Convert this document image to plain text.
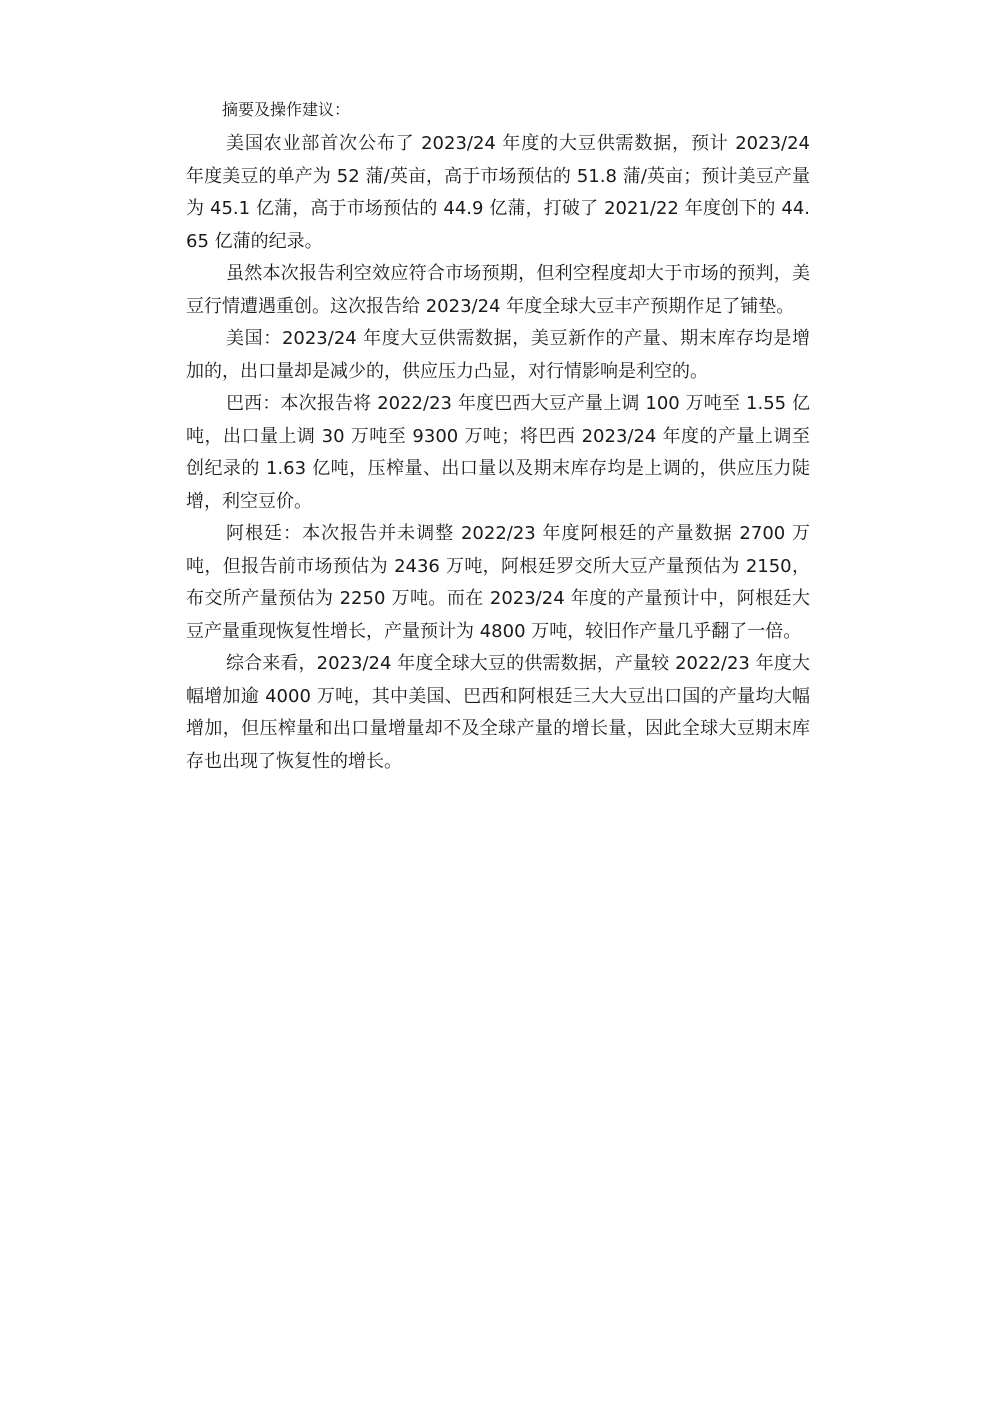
摘要及操作建议：

美国农业部首次公布了 2023/24 年度的大豆供需数据，预计 2023/24 年度美豆的单产为 52 蒲/英亩，高于市场预估的 51.8 蒲/英亩；预计美豆产量为 45.1 亿蒲，高于市场预估的 44.9 亿蒲，打破了 2021/22 年度创下的 44.65 亿蒲的纪录。

虽然本次报告利空效应符合市场预期，但利空程度却大于市场的预判，美豆行情遭遇重创。这次报告给 2023/24 年度全球大豆丰产预期作足了铺垫。

美国：2023/24 年度大豆供需数据，美豆新作的产量、期末库存均是增加的，出口量却是减少的，供应压力凸显，对行情影响是利空的。

巴西：本次报告将 2022/23 年度巴西大豆产量上调 100 万吨至 1.55 亿吨，出口量上调 30 万吨至 9300 万吨；将巴西 2023/24 年度的产量上调至创纪录的 1.63 亿吨，压榨量、出口量以及期末库存均是上调的，供应压力陡增，利空豆价。

阿根廷：本次报告并未调整 2022/23 年度阿根廷的产量数据 2700 万吨，但报告前市场预估为 2436 万吨，阿根廷罗交所大豆产量预估为 2150，布交所产量预估为 2250 万吨。而在 2023/24 年度的产量预计中，阿根廷大豆产量重现恢复性增长，产量预计为 4800 万吨，较旧作产量几乎翻了一倍。

综合来看，2023/24 年度全球大豆的供需数据，产量较 2022/23 年度大幅增加逾 4000 万吨，其中美国、巴西和阿根廷三大大豆出口国的产量均大幅增加，但压榨量和出口量增量却不及全球产量的增长量，因此全球大豆期末库存也出现了恢复性的增长。
